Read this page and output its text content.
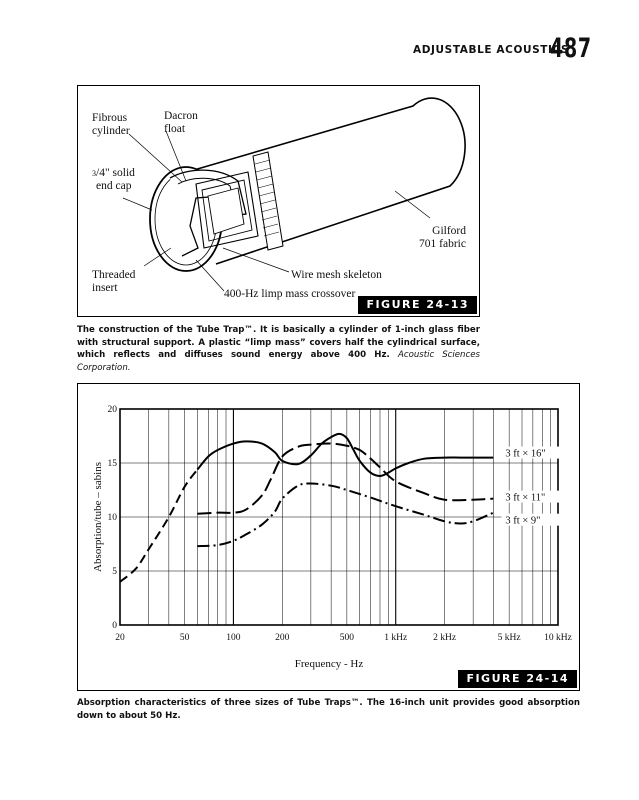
ADJUSTABLE ACOUSTICS
487
Fibrous cylinder
Dacron float
3/4" solid end cap
Gilford 701 fabric
Threaded insert
Wire mesh skeleton
400-Hz limp mass crossover
FIGURE 24-13
The construction of the Tube Trap™. It is basically a cylinder of 1-inch glass fiber with structural support. A plastic “limp mass” covers half the cylindrical surface, which reflects and diffuses sound energy above 400 Hz. Acoustic Sciences Corporation.
3 ft × 16"
3 ft × 11"
3 ft × 9"
20	50	100	200	500	1 kHz	2 kHz	5 kHz 10 kHz
0
5
10
15
20
Absorption/tube – sabins
Frequency - Hz
FIGURE 24-14
Absorption characteristics of three sizes of Tube Traps™. The 16-inch unit provides good absorption down to about 50 Hz.
